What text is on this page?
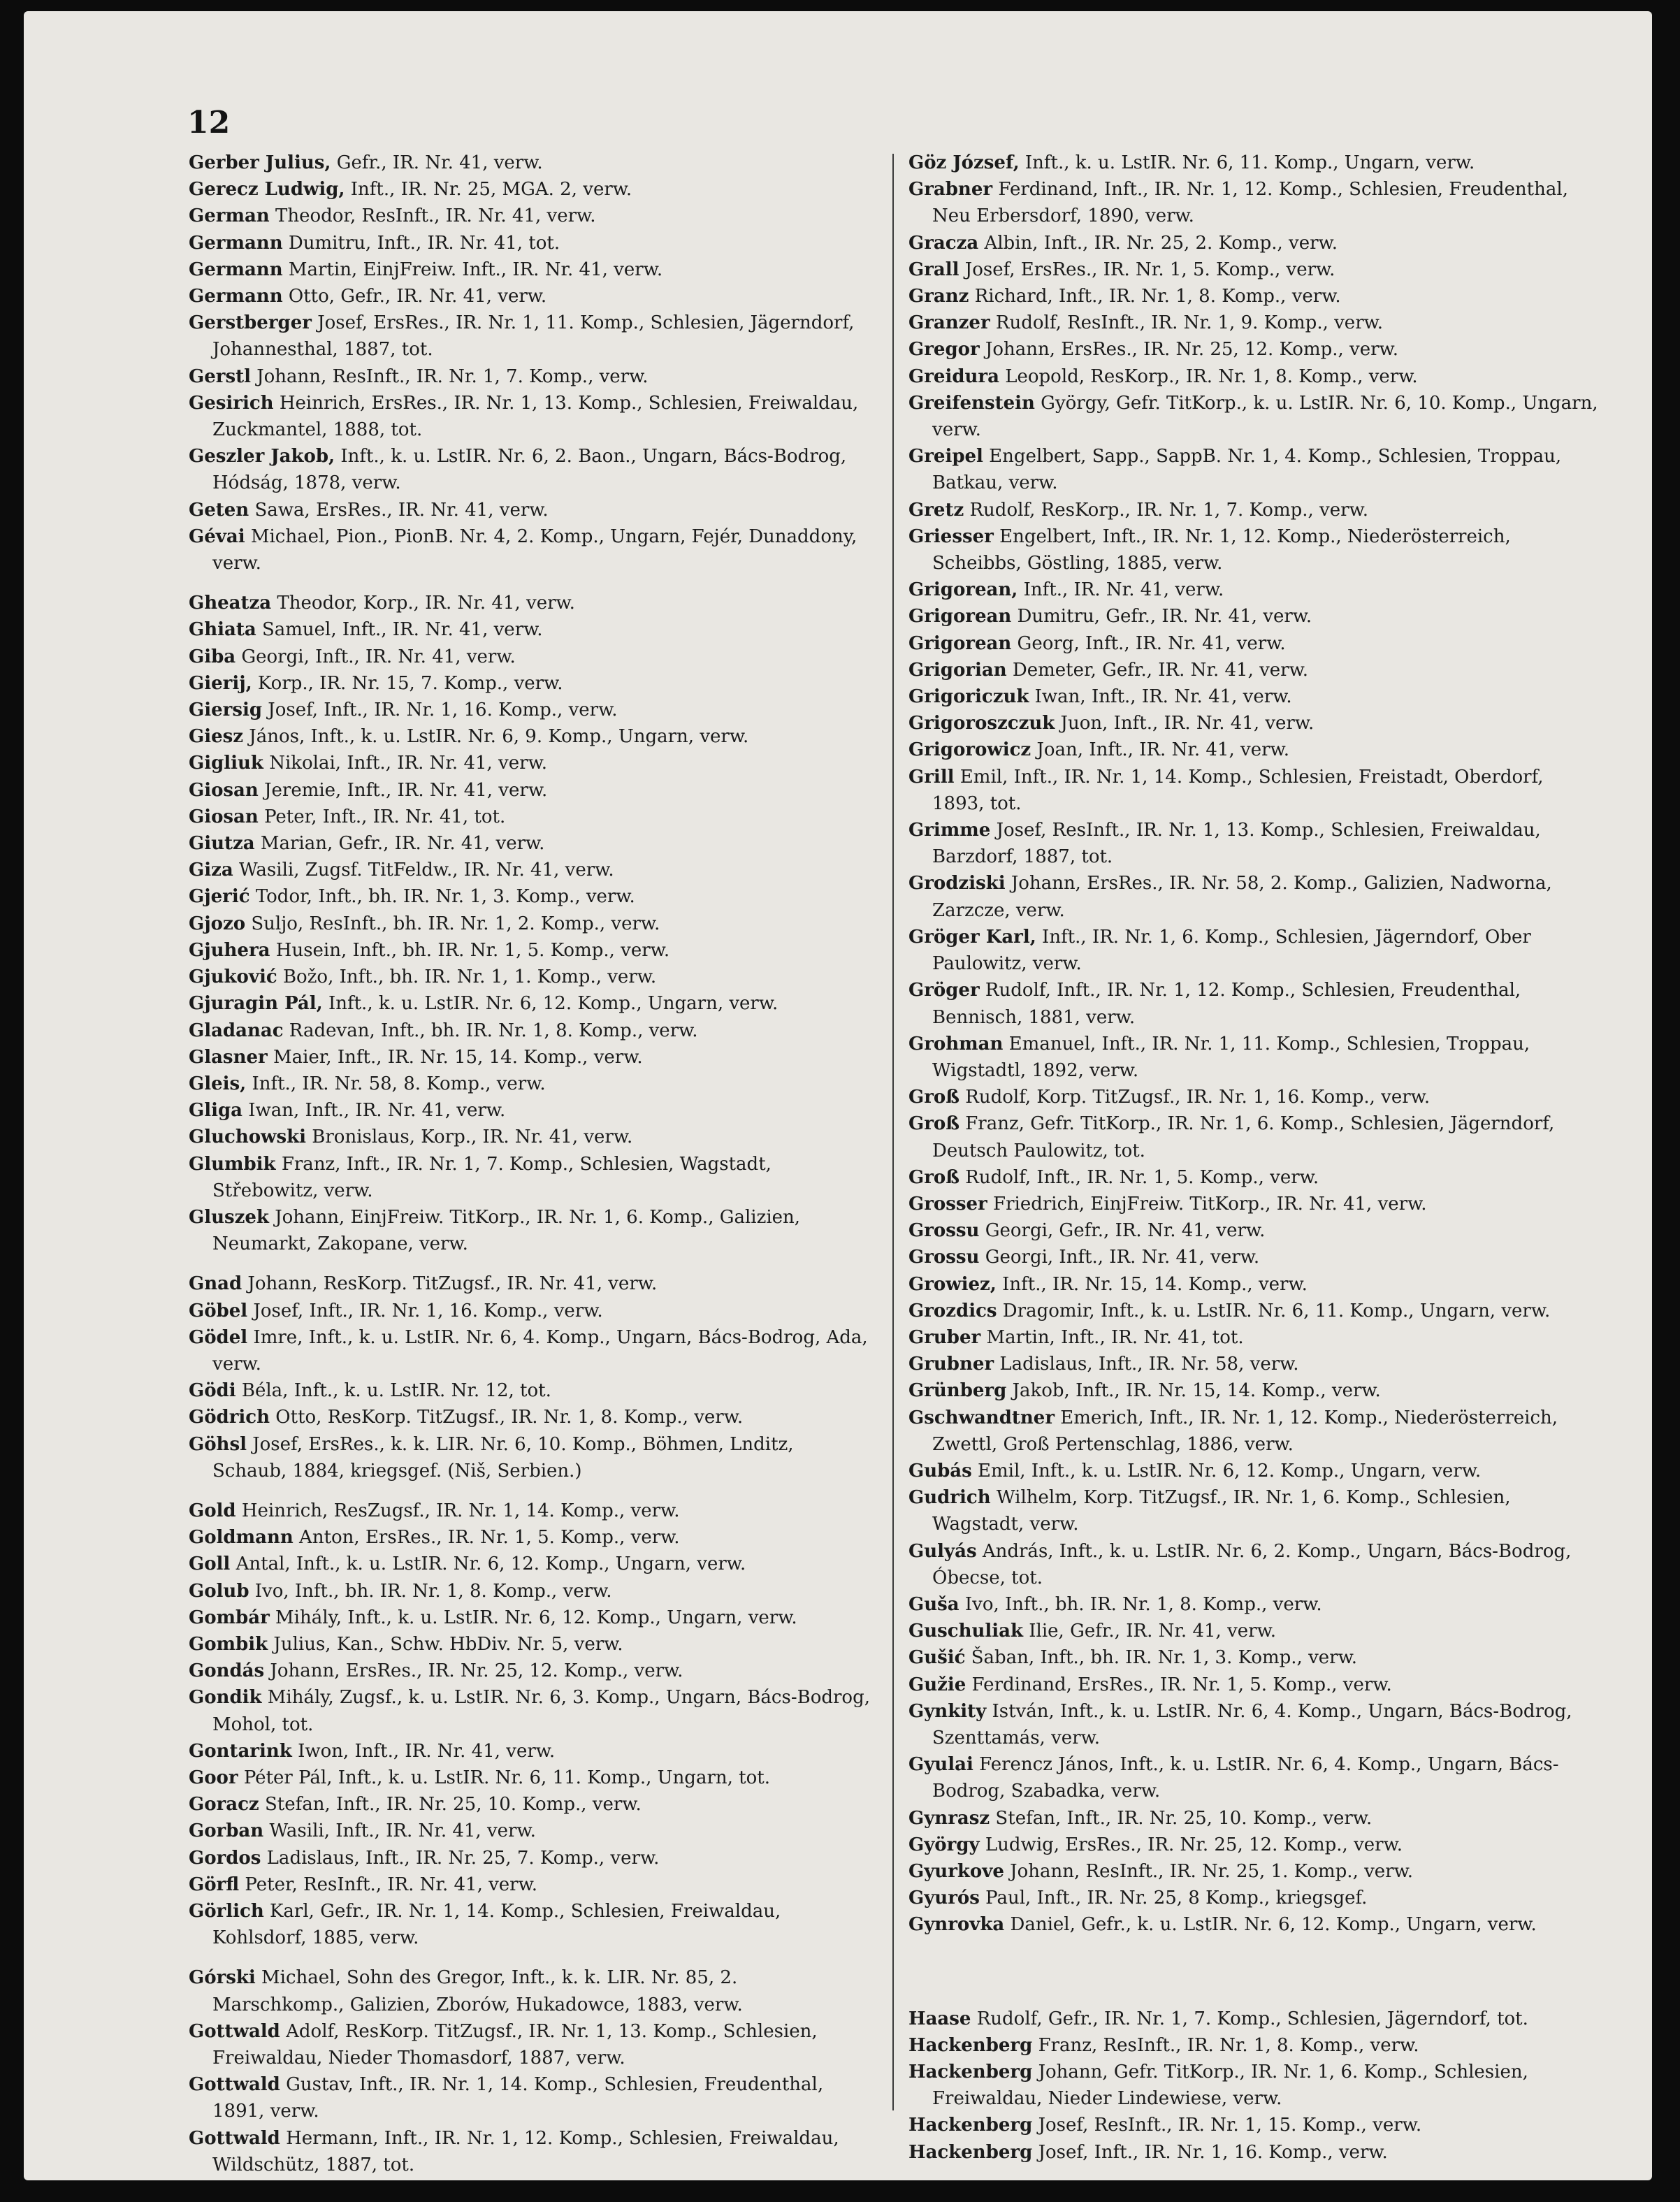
12
Gerber Julius, Gefr., IR. Nr. 41, verw.
Gerecz Ludwig, Inft., IR. Nr. 25, MGA. 2, verw.
German Theodor, ResInft., IR. Nr. 41, verw.
Germann Dumitru, Inft., IR. Nr. 41, tot.
Germann Martin, EinjFreiw. Inft., IR. Nr. 41, verw.
Germann Otto, Gefr., IR. Nr. 41, verw.
Gerstberger Josef, ErsRes., IR. Nr. 1, 11. Komp., Schlesien, Jägerndorf, Johannesthal, 1887, tot.
Gerstl Johann, ResInft., IR. Nr. 1, 7. Komp., verw.
Gesirich Heinrich, ErsRes., IR. Nr. 1, 13. Komp., Schlesien, Freiwaldau, Zuckmantel, 1888, tot.
Geszler Jakob, Inft., k. u. LstIR. Nr. 6, 2. Baon., Ungarn, Bács-Bodrog, Hódság, 1878, verw.
Geten Sawa, ErsRes., IR. Nr. 41, verw.
Gévai Michael, Pion., PionB. Nr. 4, 2. Komp., Ungarn, Fejér, Dunaddony, verw.
Gheatza Theodor, Korp., IR. Nr. 41, verw.
Ghiata Samuel, Inft., IR. Nr. 41, verw.
Giba Georgi, Inft., IR. Nr. 41, verw.
Gierij, Korp., IR. Nr. 15, 7. Komp., verw.
Giersig Josef, Inft., IR. Nr. 1, 16. Komp., verw.
Giesz János, Inft., k. u. LstIR. Nr. 6, 9. Komp., Ungarn, verw.
Gigliuk Nikolai, Inft., IR. Nr. 41, verw.
Giosan Jeremie, Inft., IR. Nr. 41, verw.
Giosan Peter, Inft., IR. Nr. 41, tot.
Giutza Marian, Gefr., IR. Nr. 41, verw.
Giza Wasili, Zugsf. TitFeldw., IR. Nr. 41, verw.
Gjerić Todor, Inft., bh. IR. Nr. 1, 3. Komp., verw.
Gjozo Suljo, ResInft., bh. IR. Nr. 1, 2. Komp., verw.
Gjuhera Husein, Inft., bh. IR. Nr. 1, 5. Komp., verw.
Gjuković Božo, Inft., bh. IR. Nr. 1, 1. Komp., verw.
Gjuragin Pál, Inft., k. u. LstIR. Nr. 6, 12. Komp., Ungarn, verw.
Gladanac Radevan, Inft., bh. IR. Nr. 1, 8. Komp., verw.
Glasner Maier, Inft., IR. Nr. 15, 14. Komp., verw.
Gleis, Inft., IR. Nr. 58, 8. Komp., verw.
Gliga Iwan, Inft., IR. Nr. 41, verw.
Gluchowski Bronislaus, Korp., IR. Nr. 41, verw.
Glumbik Franz, Inft., IR. Nr. 1, 7. Komp., Schlesien, Wagstadt, Střebowitz, verw.
Gluszek Johann, EinjFreiw. TitKorp., IR. Nr. 1, 6. Komp., Galizien, Neumarkt, Zakopane, verw.
Gnad Johann, ResKorp. TitZugsf., IR. Nr. 41, verw.
Göbel Josef, Inft., IR. Nr. 1, 16. Komp., verw.
Gödel Imre, Inft., k. u. LstIR. Nr. 6, 4. Komp., Ungarn, Bács-Bodrog, Ada, verw.
Gödi Béla, Inft., k. u. LstIR. Nr. 12, tot.
Gödrich Otto, ResKorp. TitZugsf., IR. Nr. 1, 8. Komp., verw.
Göhsl Josef, ErsRes., k. k. LIR. Nr. 6, 10. Komp., Böhmen, Lnditz, Schaub, 1884, kriegsgef. (Niš, Serbien.)
Gold Heinrich, ResZugsf., IR. Nr. 1, 14. Komp., verw.
Goldmann Anton, ErsRes., IR. Nr. 1, 5. Komp., verw.
Goll Antal, Inft., k. u. LstIR. Nr. 6, 12. Komp., Ungarn, verw.
Golub Ivo, Inft., bh. IR. Nr. 1, 8. Komp., verw.
Gombár Mihály, Inft., k. u. LstIR. Nr. 6, 12. Komp., Ungarn, verw.
Gombik Julius, Kan., Schw. HbDiv. Nr. 5, verw.
Gondás Johann, ErsRes., IR. Nr. 25, 12. Komp., verw.
Gondik Mihály, Zugsf., k. u. LstIR. Nr. 6, 3. Komp., Ungarn, Bács-Bodrog, Mohol, tot.
Gontarink Iwon, Inft., IR. Nr. 41, verw.
Goor Péter Pál, Inft., k. u. LstIR. Nr. 6, 11. Komp., Ungarn, tot.
Goracz Stefan, Inft., IR. Nr. 25, 10. Komp., verw.
Gorban Wasili, Inft., IR. Nr. 41, verw.
Gordos Ladislaus, Inft., IR. Nr. 25, 7. Komp., verw.
Görfl Peter, ResInft., IR. Nr. 41, verw.
Görlich Karl, Gefr., IR. Nr. 1, 14. Komp., Schlesien, Freiwaldau, Kohlsdorf, 1885, verw.
Górski Michael, Sohn des Gregor, Inft., k. k. LIR. Nr. 85, 2. Marschkomp., Galizien, Zborów, Hukadowce, 1883, verw.
Gottwald Adolf, ResKorp. TitZugsf., IR. Nr. 1, 13. Komp., Schlesien, Freiwaldau, Nieder Thomasdorf, 1887, verw.
Gottwald Gustav, Inft., IR. Nr. 1, 14. Komp., Schlesien, Freudenthal, 1891, verw.
Gottwald Hermann, Inft., IR. Nr. 1, 12. Komp., Schlesien, Freiwaldau, Wildschütz, 1887, tot.
Göz József, Inft., k. u. LstIR. Nr. 6, 11. Komp., Ungarn, verw.
Grabner Ferdinand, Inft., IR. Nr. 1, 12. Komp., Schlesien, Freudenthal, Neu Erbersdorf, 1890, verw.
Gracza Albin, Inft., IR. Nr. 25, 2. Komp., verw.
Grall Josef, ErsRes., IR. Nr. 1, 5. Komp., verw.
Granz Richard, Inft., IR. Nr. 1, 8. Komp., verw.
Granzer Rudolf, ResInft., IR. Nr. 1, 9. Komp., verw.
Gregor Johann, ErsRes., IR. Nr. 25, 12. Komp., verw.
Greidura Leopold, ResKorp., IR. Nr. 1, 8. Komp., verw.
Greifenstein György, Gefr. TitKorp., k. u. LstIR. Nr. 6, 10. Komp., Ungarn, verw.
Greipel Engelbert, Sapp., SappB. Nr. 1, 4. Komp., Schlesien, Troppau, Batkau, verw.
Gretz Rudolf, ResKorp., IR. Nr. 1, 7. Komp., verw.
Griesser Engelbert, Inft., IR. Nr. 1, 12. Komp., Niederösterreich, Scheibbs, Göstling, 1885, verw.
Grigorean, Inft., IR. Nr. 41, verw.
Grigorean Dumitru, Gefr., IR. Nr. 41, verw.
Grigorean Georg, Inft., IR. Nr. 41, verw.
Grigorian Demeter, Gefr., IR. Nr. 41, verw.
Grigoriczuk Iwan, Inft., IR. Nr. 41, verw.
Grigoroszczuk Juon, Inft., IR. Nr. 41, verw.
Grigorowicz Joan, Inft., IR. Nr. 41, verw.
Grill Emil, Inft., IR. Nr. 1, 14. Komp., Schlesien, Freistadt, Oberdorf, 1893, tot.
Grimme Josef, ResInft., IR. Nr. 1, 13. Komp., Schlesien, Freiwaldau, Barzdorf, 1887, tot.
Grodziski Johann, ErsRes., IR. Nr. 58, 2. Komp., Galizien, Nadworna, Zarzcze, verw.
Gröger Karl, Inft., IR. Nr. 1, 6. Komp., Schlesien, Jägerndorf, Ober Paulowitz, verw.
Gröger Rudolf, Inft., IR. Nr. 1, 12. Komp., Schlesien, Freudenthal, Bennisch, 1881, verw.
Grohman Emanuel, Inft., IR. Nr. 1, 11. Komp., Schlesien, Troppau, Wigstadtl, 1892, verw.
Groß Rudolf, Korp. TitZugsf., IR. Nr. 1, 16. Komp., verw.
Groß Franz, Gefr. TitKorp., IR. Nr. 1, 6. Komp., Schlesien, Jägerndorf, Deutsch Paulowitz, tot.
Groß Rudolf, Inft., IR. Nr. 1, 5. Komp., verw.
Grosser Friedrich, EinjFreiw. TitKorp., IR. Nr. 41, verw.
Grossu Georgi, Gefr., IR. Nr. 41, verw.
Grossu Georgi, Inft., IR. Nr. 41, verw.
Growiez, Inft., IR. Nr. 15, 14. Komp., verw.
Grozdics Dragomir, Inft., k. u. LstIR. Nr. 6, 11. Komp., Ungarn, verw.
Gruber Martin, Inft., IR. Nr. 41, tot.
Grubner Ladislaus, Inft., IR. Nr. 58, verw.
Grünberg Jakob, Inft., IR. Nr. 15, 14. Komp., verw.
Gschwandtner Emerich, Inft., IR. Nr. 1, 12. Komp., Niederösterreich, Zwettl, Groß Pertenschlag, 1886, verw.
Gubás Emil, Inft., k. u. LstIR. Nr. 6, 12. Komp., Ungarn, verw.
Gudrich Wilhelm, Korp. TitZugsf., IR. Nr. 1, 6. Komp., Schlesien, Wagstadt, verw.
Gulyás András, Inft., k. u. LstIR. Nr. 6, 2. Komp., Ungarn, Bács-Bodrog, Óbecse, tot.
Guša Ivo, Inft., bh. IR. Nr. 1, 8. Komp., verw.
Guschuliak Ilie, Gefr., IR. Nr. 41, verw.
Gušić Šaban, Inft., bh. IR. Nr. 1, 3. Komp., verw.
Gužie Ferdinand, ErsRes., IR. Nr. 1, 5. Komp., verw.
Gynkity István, Inft., k. u. LstIR. Nr. 6, 4. Komp., Ungarn, Bács-Bodrog, Szenttamás, verw.
Gyulai Ferencz János, Inft., k. u. LstIR. Nr. 6, 4. Komp., Ungarn, Bács-Bodrog, Szabadka, verw.
Gynrasz Stefan, Inft., IR. Nr. 25, 10. Komp., verw.
György Ludwig, ErsRes., IR. Nr. 25, 12. Komp., verw.
Gyurkove Johann, ResInft., IR. Nr. 25, 1. Komp., verw.
Gyurós Paul, Inft., IR. Nr. 25, 8 Komp., kriegsgef.
Gynrovka Daniel, Gefr., k. u. LstIR. Nr. 6, 12. Komp., Ungarn, verw.
Haase Rudolf, Gefr., IR. Nr. 1, 7. Komp., Schlesien, Jägerndorf, tot.
Hackenberg Franz, ResInft., IR. Nr. 1, 8. Komp., verw.
Hackenberg Johann, Gefr. TitKorp., IR. Nr. 1, 6. Komp., Schlesien, Freiwaldau, Nieder Lindewiese, verw.
Hackenberg Josef, ResInft., IR. Nr. 1, 15. Komp., verw.
Hackenberg Josef, Inft., IR. Nr. 1, 16. Komp., verw.
